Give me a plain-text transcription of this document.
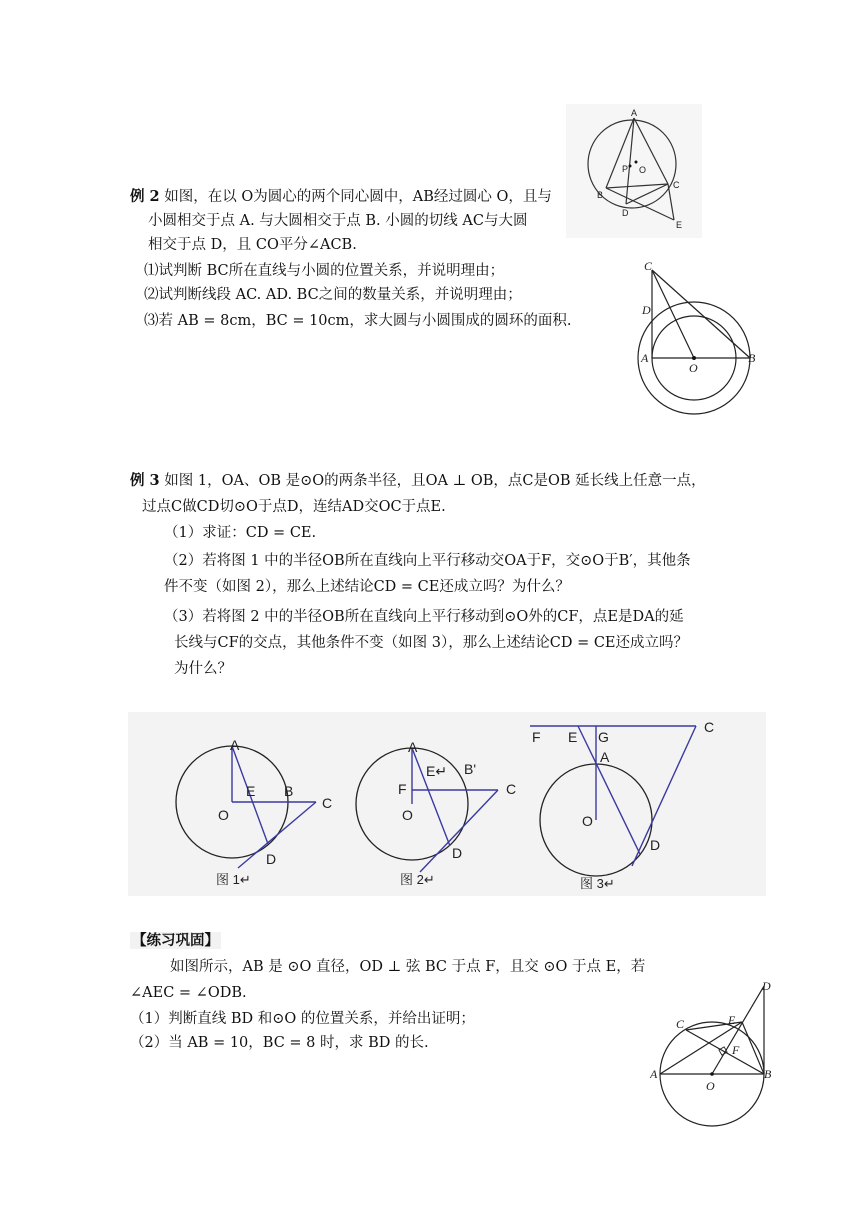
A
P O
B
C
D
E
例 2 如图，在以 O为圆心的两个同心圆中，AB经过圆心 O，且与
小圆相交于点 A. 与大圆相交于点 B. 小圆的切线 AC与大圆
相交于点 D，且 CO平分∠ACB.
⑴试判断 BC所在直线与小圆的位置关系，并说明理由；
⑵试判断线段 AC. AD. BC之间的数量关系，并说明理由；
⑶若 AB = 8cm，BC = 10cm，求大圆与小圆围成的圆环的面积.
C
D
A
O
B
例 3 如图 1，OA、OB 是⊙O的两条半径，且OA ⊥ OB，点C是OB 延长线上任意一点，
过点C做CD切⊙O于点D，连结AD交OC于点E.
（1）求证：CD = CE.
（2）若将图 1 中的半径OB所在直线向上平行移动交OA于F，交⊙O于B′，其他条
件不变（如图 2），那么上述结论CD = CE还成立吗？为什么？
（3）若将图 2 中的半径OB所在直线向上平行移动到⊙O外的CF，点E是DA的延
长线与CF的交点，其他条件不变（如图 3），那么上述结论CD = CE还成立吗？
为什么？
A
E B
O
C
D
图 1↵
A
E↵ B'
F
O
C
D
图 2↵
F E G
C
A
O
D
图 3↵
【练习巩固】
如图所示，AB 是 ⊙O 直径，OD ⊥ 弦 BC 于点 F，且交 ⊙O 于点 E，若
∠AEC = ∠ODB.
（1）判断直线 BD 和⊙O 的位置关系，并给出证明；
（2）当 AB = 10，BC = 8 时，求 BD 的长.
D
C	E
F
A
O
B
